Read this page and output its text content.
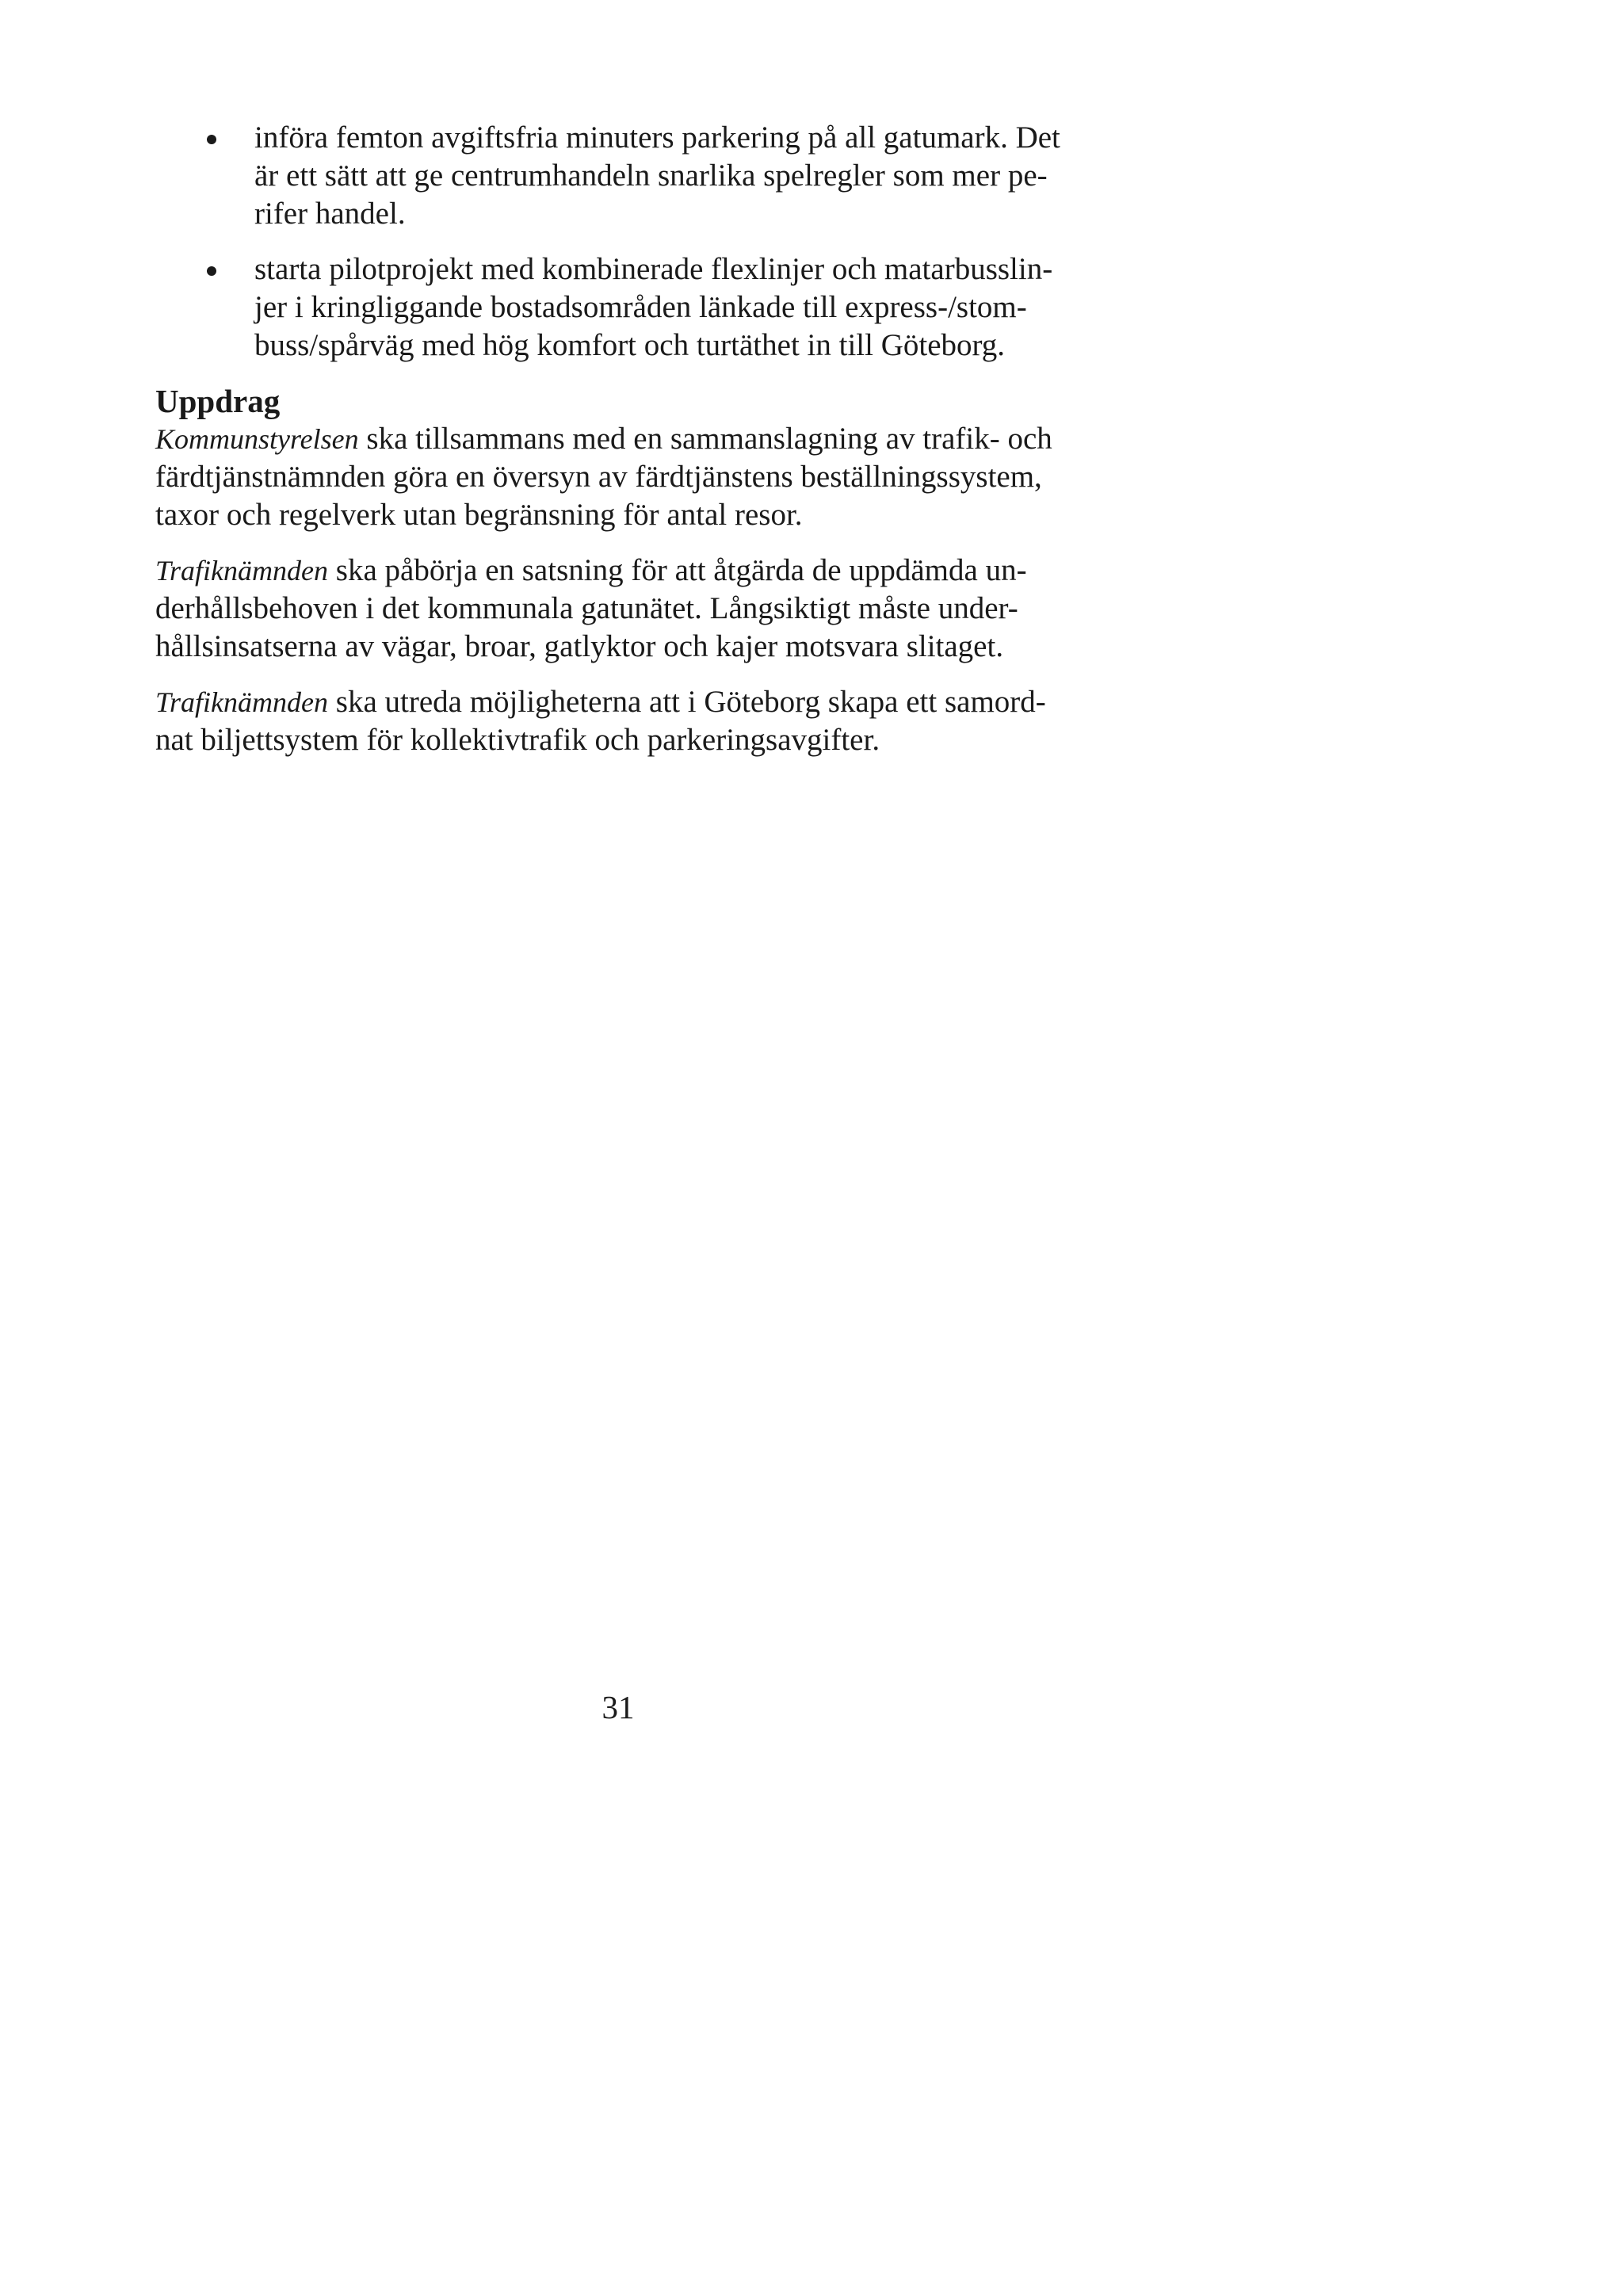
införa femton avgiftsfria minuters parkering på all gatumark. Det
är ett sätt att ge centrumhandeln snarlika spelregler som mer pe-
rifer handel.
starta pilotprojekt med kombinerade flexlinjer och matarbusslin-
jer i kringliggande bostadsområden länkade till express-/stom-
buss/spårväg med hög komfort och turtäthet in till Göteborg.
Uppdrag

Kommunstyrelsen ska tillsammans med en sammanslagning av trafik- och
färdtjänstnämnden göra en översyn av färdtjänstens beställningssystem,
taxor och regelverk utan begränsning för antal resor.

Trafiknämnden ska påbörja en satsning för att åtgärda de uppdämda un-
derhållsbehoven i det kommunala gatunätet. Långsiktigt måste under-
hållsinsatserna av vägar, broar, gatlyktor och kajer motsvara slitaget.

Trafiknämnden ska utreda möjligheterna att i Göteborg skapa ett samord-
nat biljettsystem för kollektivtrafik och parkeringsavgifter.

31
